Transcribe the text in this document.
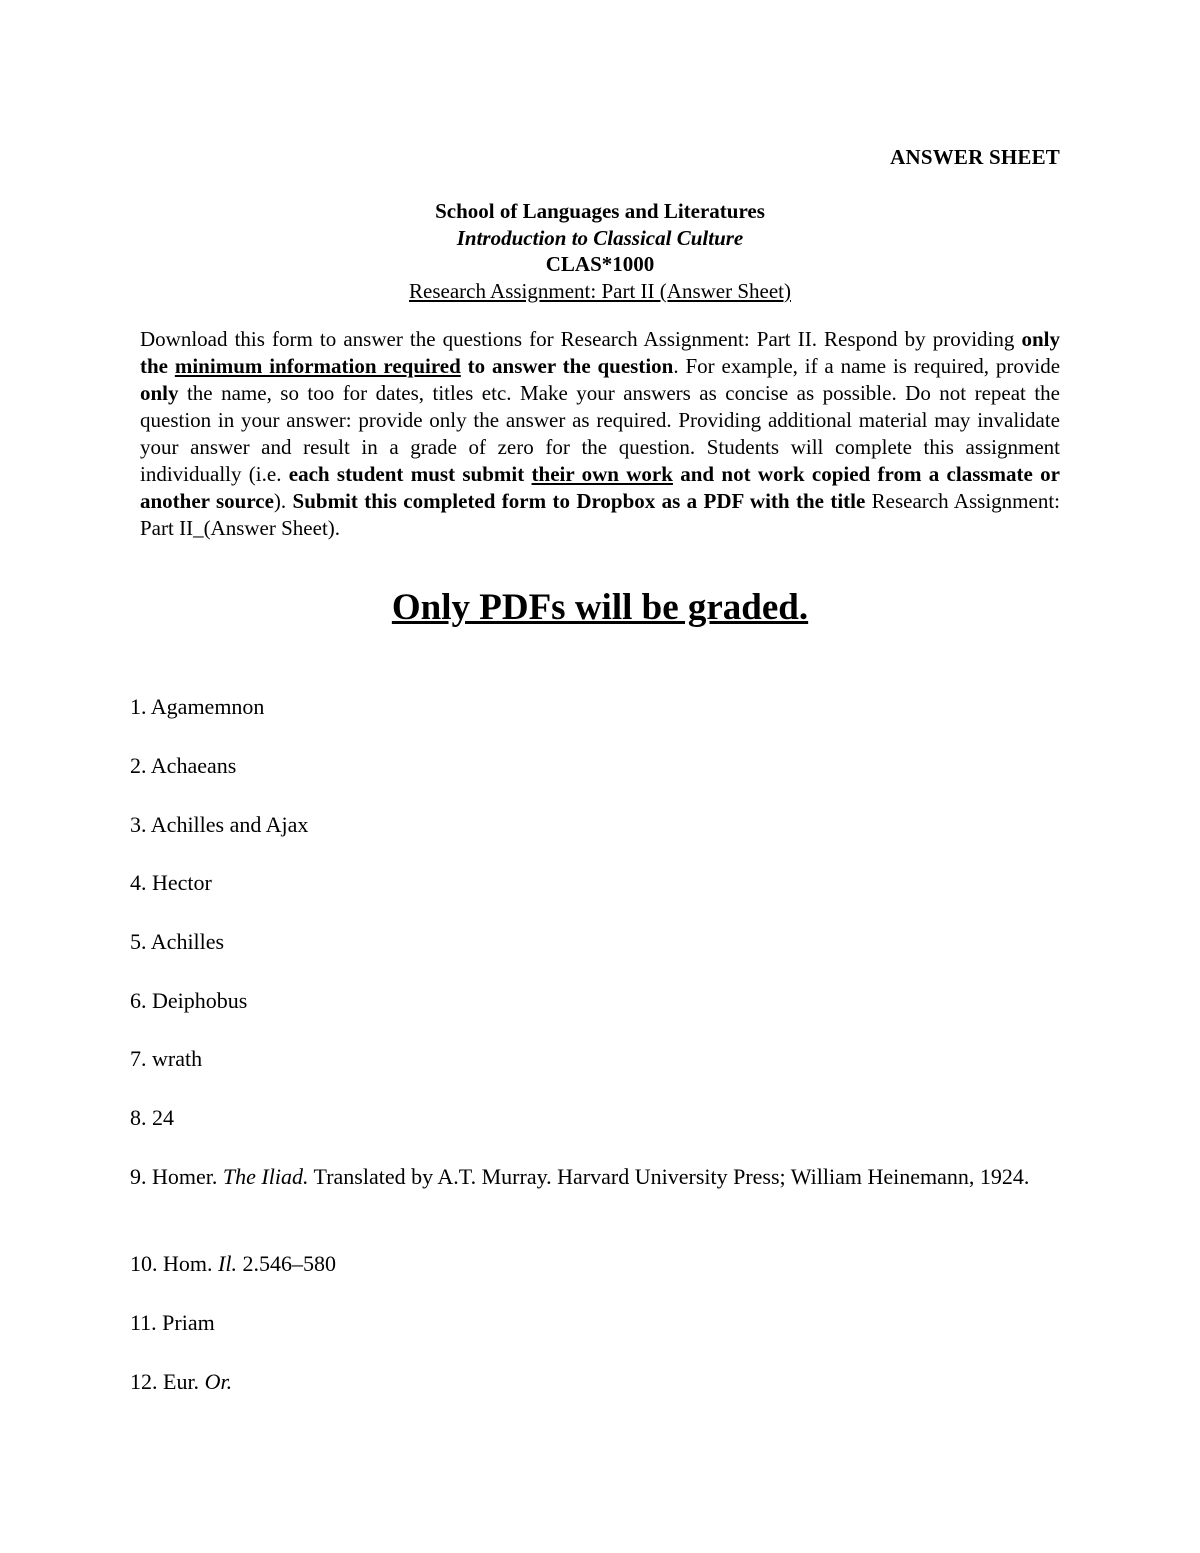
ANSWER SHEET
School of Languages and Literatures
Introduction to Classical Culture
CLAS*1000
Research Assignment: Part II (Answer Sheet)
Download this form to answer the questions for Research Assignment: Part II. Respond by providing only the minimum information required to answer the question. For example, if a name is required, provide only the name, so too for dates, titles etc. Make your answers as concise as possible. Do not repeat the question in your answer: provide only the answer as required. Providing additional material may invalidate your answer and result in a grade of zero for the question. Students will complete this assignment individually (i.e. each student must submit their own work and not work copied from a classmate or another source). Submit this completed form to Dropbox as a PDF with the title Research Assignment: Part II_(Answer Sheet).
Only PDFs will be graded.

1. Agamemnon

2. Achaeans

3. Achilles and Ajax

4. Hector

5. Achilles

6. Deiphobus

7. wrath

8. 24

9. Homer. The Iliad. Translated by A.T. Murray. Harvard University Press; William Heinemann, 1924.

10. Hom. Il. 2.546–580

11. Priam

12. Eur. Or.
